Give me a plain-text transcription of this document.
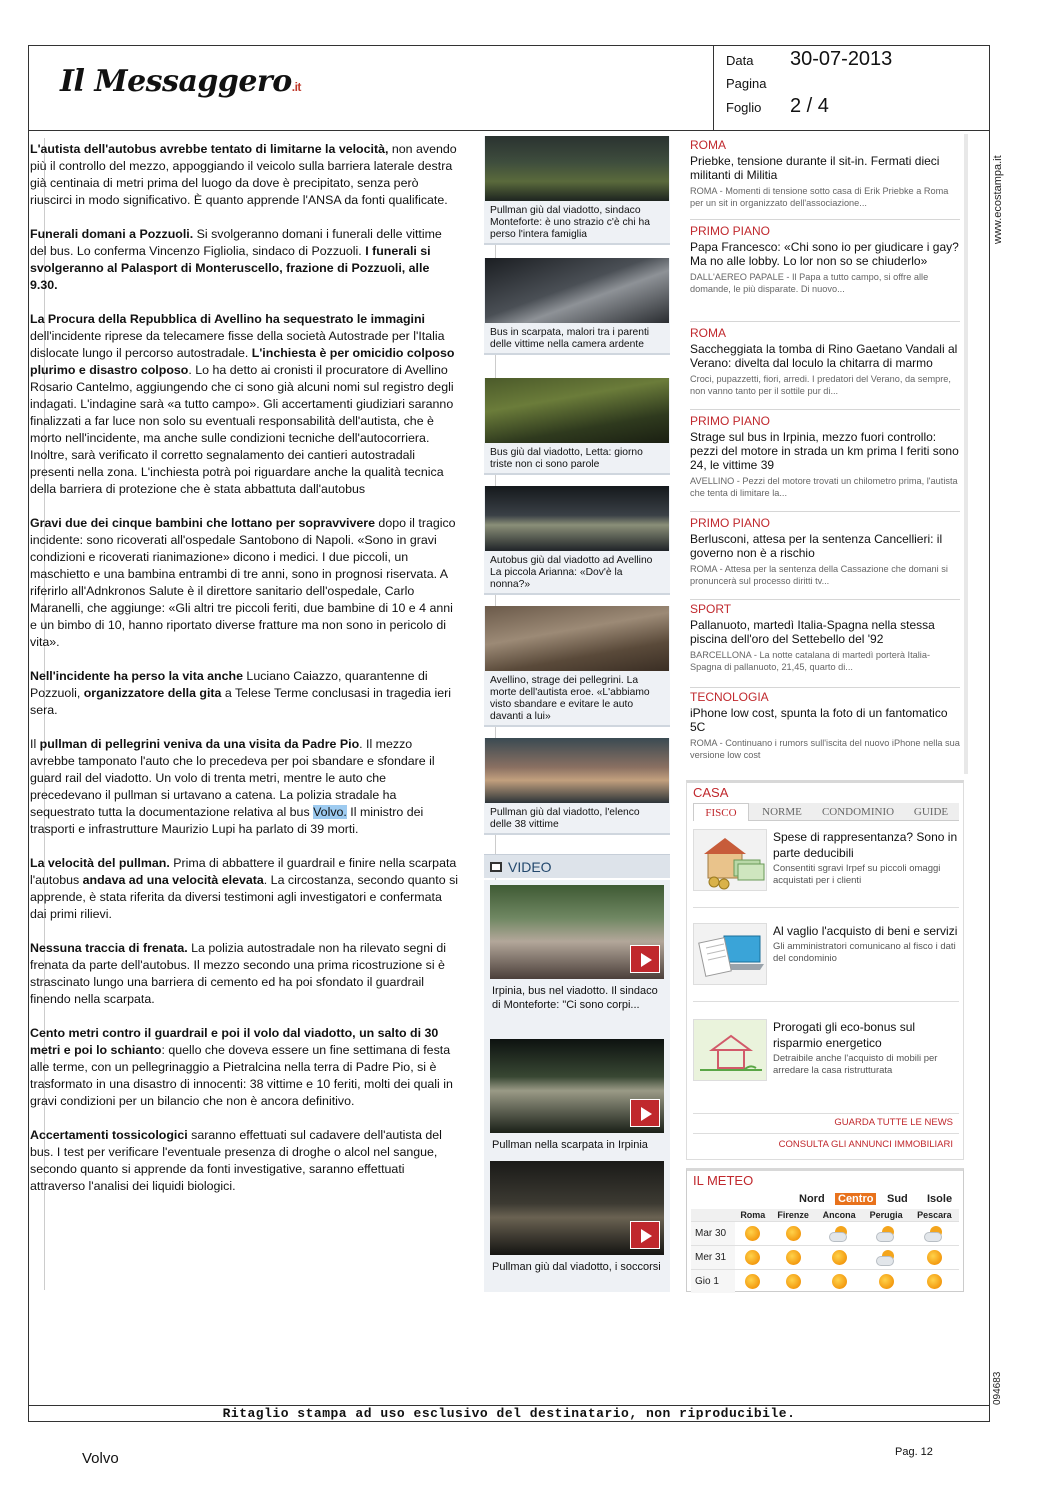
Il Messaggero.it
Data 30-07-2013
Pagina
Foglio 2 / 4
www.ecostampa.it
094683
Ritaglio stampa ad uso esclusivo del destinatario, non riproducibile.
Volvo	Pag. 12

L'autista dell'autobus avrebbe tentato di limitarne la velocità, non avendo più il controllo del mezzo, appoggiando il veicolo sulla barriera laterale destra già centinaia di metri prima del luogo da dove è precipitato, senza però riuscirci in modo significativo. È quanto apprende l'ANSA da fonti qualificate.

Funerali domani a Pozzuoli. Si svolgeranno domani i funerali delle vittime del bus. Lo conferma Vincenzo Figliolia, sindaco di Pozzuoli. I funerali si svolgeranno al Palasport di Monteruscello, frazione di Pozzuoli, alle 9.30.

La Procura della Repubblica di Avellino ha sequestrato le immagini dell'incidente riprese da telecamere fisse della società Autostrade per l'Italia dislocate lungo il percorso autostradale. L'inchiesta è per omicidio colposo plurimo e disastro colposo. Lo ha detto ai cronisti il procuratore di Avellino Rosario Cantelmo, aggiungendo che ci sono già alcuni nomi sul registro degli indagati. L'indagine sarà «a tutto campo». Gli accertamenti giudiziari saranno finalizzati a far luce non solo su eventuali responsabilità dell'autista, che è morto nell'incidente, ma anche sulle condizioni tecniche dell'autocorriera. Inoltre, sarà verificato il corretto segnalamento dei cantieri autostradali presenti nella zona. L'inchiesta potrà poi riguardare anche la qualità tecnica della barriera di protezione che è stata abbattuta dall'autobus

Gravi due dei cinque bambini che lottano per sopravvivere dopo il tragico incidente: sono ricoverati all'ospedale Santobono di Napoli. «Sono in gravi condizioni e ricoverati rianimazione» dicono i medici. I due piccoli, un maschietto e una bambina entrambi di tre anni, sono in prognosi riservata. A riferirlo all'Adnkronos Salute è il direttore sanitario dell'ospedale, Carlo Maranelli, che aggiunge: «Gli altri tre piccoli feriti, due bambine di 10 e 4 anni e un bimbo di 10, hanno riportato diverse fratture ma non sono in pericolo di vita».

Nell'incidente ha perso la vita anche Luciano Caiazzo, quarantenne di Pozzuoli, organizzatore della gita a Telese Terme conclusasi in tragedia ieri sera.

Il pullman di pellegrini veniva da una visita da Padre Pio. Il mezzo avrebbe tamponato l'auto che lo precedeva per poi sbandare e sfondare il guard rail del viadotto. Un volo di trenta metri, mentre le auto che precedevano il pullman si urtavano a catena. La polizia stradale ha sequestrato tutta la documentazione relativa al bus Volvo. Il ministro dei trasporti e infrastrutture Maurizio Lupi ha parlato di 39 morti.

La velocità del pullman. Prima di abbattere il guardrail e finire nella scarpata l'autobus andava ad una velocità elevata. La circostanza, secondo quanto si apprende, è stata riferita da diversi testimoni agli investigatori e confermata dai primi rilievi.

Nessuna traccia di frenata. La polizia autostradale non ha rilevato segni di frenata da parte dell'autobus. Il mezzo secondo una prima ricostruzione si è strascinato lungo una barriera di cemento ed ha poi sfondato il guardrail finendo nella scarpata.

Cento metri contro il guardrail e poi il volo dal viadotto, un salto di 30 metri e poi lo schianto: quello che doveva essere un fine settimana di festa alle terme, con un pellegrinaggio a Pietralcina nella terra di Padre Pio, si è trasformato in una disastro di innocenti: 38 vittime e 10 feriti, molti dei quali in gravi condizioni per un bilancio che non è ancora definitivo.

Accertamenti tossicologici saranno effettuati sul cadavere dell'autista del bus. I test per verificare l'eventuale presenza di droghe o alcol nel sangue, secondo quanto si apprende da fonti investigative, saranno effettuati attraverso l'analisi dei liquidi biologici.

Pullman giù dal viadotto, sindaco Monteforte: è uno strazio c'è chi ha perso l'intera famiglia
Bus in scarpata, malori tra i parenti delle vittime nella camera ardente
Bus giù dal viadotto, Letta: giorno triste non ci sono parole
Autobus giù dal viadotto ad Avellino La piccola Arianna: «Dov'è la nonna?»
Avellino, strage dei pellegrini. La morte dell'autista eroe. «L'abbiamo visto sbandare e evitare le auto davanti a lui»
Pullman giù dal viadotto, l'elenco delle 38 vittime
VIDEO
Irpinia, bus nel viadotto. Il sindaco di Monteforte: "Ci sono corpi...
Pullman nella scarpata in Irpinia
Pullman giù dal viadotto, i soccorsi
ROMA
Priebke, tensione durante il sit-in. Fermati dieci militanti di Militia
ROMA - Momenti di tensione sotto casa di Erik Priebke a Roma per un sit in organizzato dell'associazione...
PRIMO PIANO
Papa Francesco: «Chi sono io per giudicare i gay? Ma no alle lobby. Lo lor non so se chiuderlo»
DALL'AEREO PAPALE - Il Papa a tutto campo, si offre alle domande, le più disparate. Di nuovo...
ROMA
Saccheggiata la tomba di Rino Gaetano Vandali al Verano: divelta dal loculo la chitarra di marmo
Croci, pupazzetti, fiori, arredi. I predatori del Verano, da sempre, non vanno tanto per il sottile pur di...
PRIMO PIANO
Strage sul bus in Irpinia, mezzo fuori controllo: pezzi del motore in strada un km prima I feriti sono 24, le vittime 39
AVELLINO - Pezzi del motore trovati un chilometro prima, l'autista che tenta di limitare la...
PRIMO PIANO
Berlusconi, attesa per la sentenza Cancellieri: il governo non è a rischio
ROMA - Attesa per la sentenza della Cassazione che domani si pronuncerà sul processo diritti tv...
SPORT
Pallanuoto, martedì Italia-Spagna nella stessa piscina dell'oro del Settebello del '92
BARCELLONA - La notte catalana di martedì porterà Italia-Spagna di pallanuoto, 21,45, quarto di...
TECNOLOGIA
iPhone low cost, spunta la foto di un fantomatico 5C
ROMA - Continuano i rumors sull'iscita del nuovo iPhone nella sua versione low cost
CASA
FISCO	NORME	CONDOMINIO	GUIDE
Spese di rappresentanza? Sono in parte deducibili
Consentiti sgravi Irpef su piccoli omaggi acquistati per i clienti
Al vaglio l'acquisto di beni e servizi
Gli amministratori comunicano al fisco i dati del condominio
Prorogati gli eco-bonus sul risparmio energetico
Detraibile anche l'acquisto di mobili per arredare la casa ristrutturata
GUARDA TUTTE LE NEWS
CONSULTA GLI ANNUNCI IMMOBILIARI
IL METEO
Nord Centro Sud Isole
	Roma	Firenze	Ancona	Perugia	Pescara
Mar 30					
Mer 31					
Gio 1					
